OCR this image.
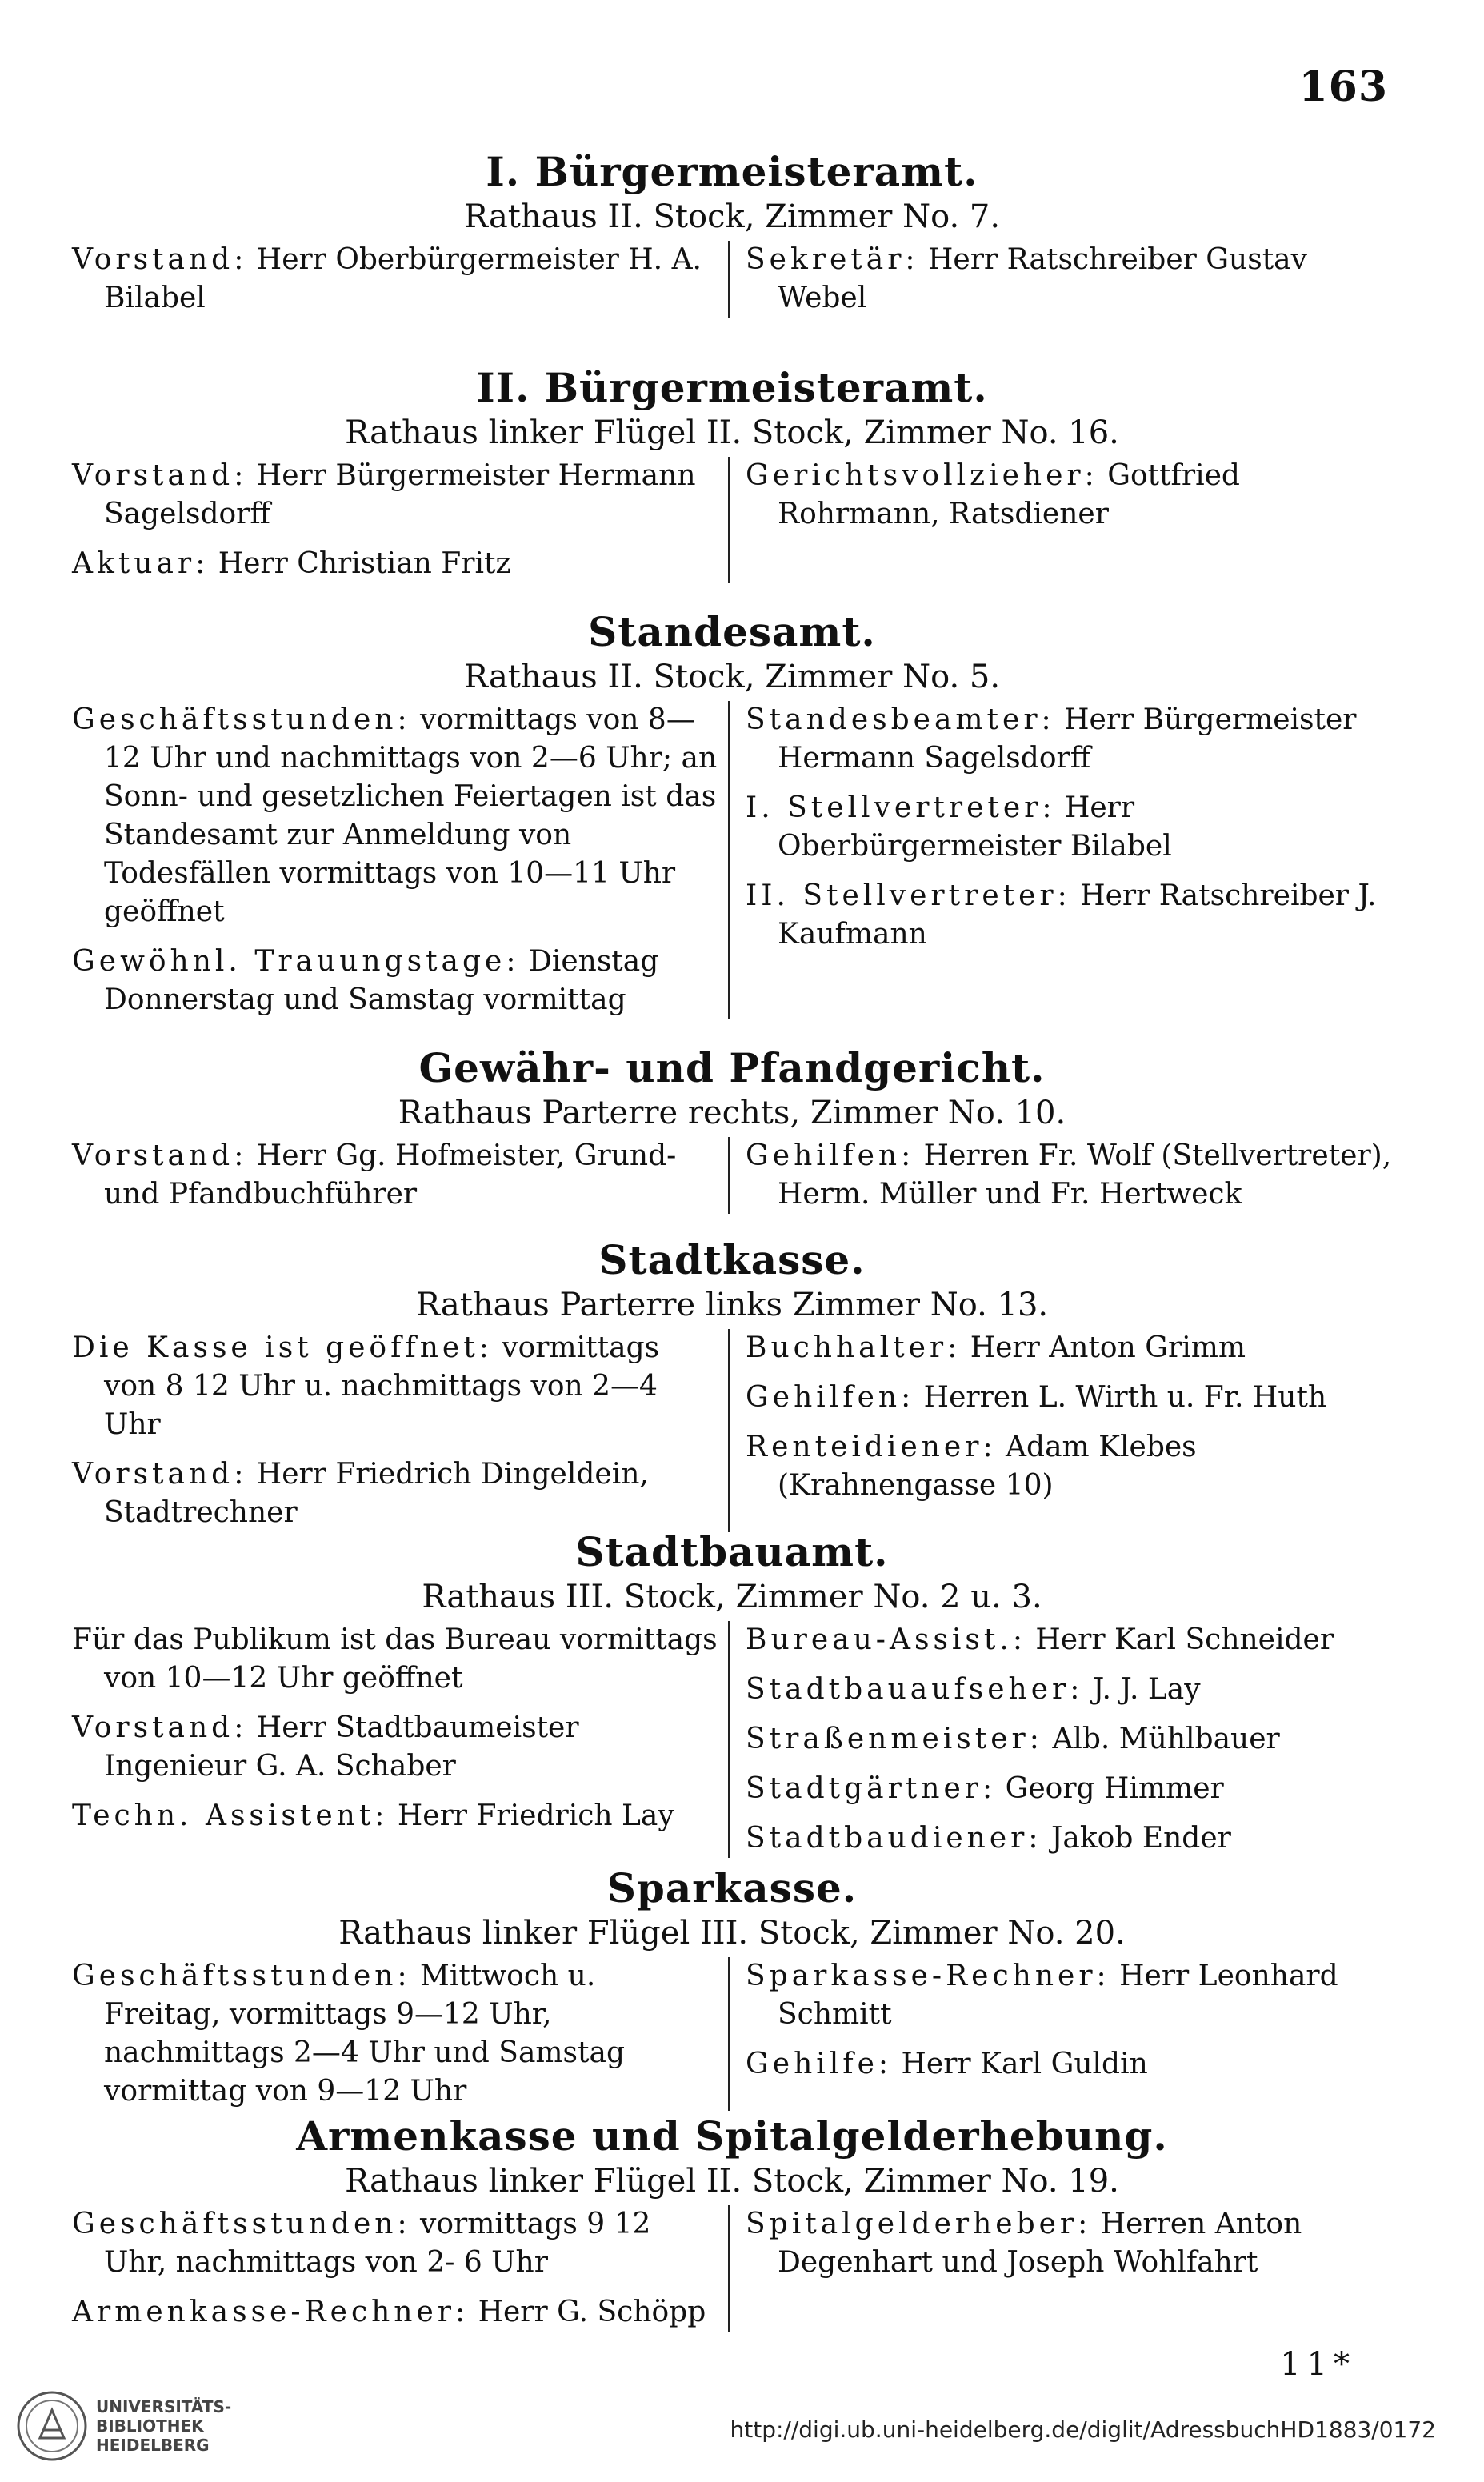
163
I. Bürgermeisteramt.
Rathaus II. Stock, Zimmer No. 7.

Vorstand: Herr Oberbürgermeister H. A. Bilabel

Sekretär: Herr Ratschreiber Gustav Webel

II. Bürgermeisteramt.
Rathaus linker Flügel II. Stock, Zimmer No. 16.

Vorstand: Herr Bürgermeister Hermann Sagelsdorff

Aktuar: Herr Christian Fritz

Gerichtsvollzieher: Gottfried Rohrmann, Ratsdiener

Standesamt.
Rathaus II. Stock, Zimmer No. 5.

Geschäftsstunden: vormittags von 8—12 Uhr und nachmittags von 2—6 Uhr; an Sonn- und gesetzlichen Feiertagen ist das Standesamt zur Anmeldung von Todesfällen vormittags von 10—11 Uhr geöffnet

Gewöhnl. Trauungstage: Dienstag Donnerstag und Samstag vormittag

Standesbeamter: Herr Bürgermeister Hermann Sagelsdorff

I. Stellvertreter: Herr Oberbürgermeister Bilabel

II. Stellvertreter: Herr Ratschreiber J. Kaufmann

Gewähr- und Pfandgericht.
Rathaus Parterre rechts, Zimmer No. 10.

Vorstand: Herr Gg. Hofmeister, Grund- und Pfandbuchführer

Gehilfen: Herren Fr. Wolf (Stellvertreter), Herm. Müller und Fr. Hertweck

Stadtkasse.
Rathaus Parterre links Zimmer No. 13.

Die Kasse ist geöffnet: vormittags von 8 12 Uhr u. nachmittags von 2—4 Uhr

Vorstand: Herr Friedrich Dingeldein, Stadtrechner

Buchhalter: Herr Anton Grimm

Gehilfen: Herren L. Wirth u. Fr. Huth

Renteidiener: Adam Klebes (Krahnengasse 10)

Stadtbauamt.
Rathaus III. Stock, Zimmer No. 2 u. 3.

Für das Publikum ist das Bureau vormittags von 10—12 Uhr geöffnet

Vorstand: Herr Stadtbaumeister Ingenieur G. A. Schaber

Techn. Assistent: Herr Friedrich Lay

Bureau-Assist.: Herr Karl Schneider

Stadtbauaufseher: J. J. Lay

Straßenmeister: Alb. Mühlbauer

Stadtgärtner: Georg Himmer

Stadtbaudiener: Jakob Ender

Sparkasse.
Rathaus linker Flügel III. Stock, Zimmer No. 20.

Geschäftsstunden: Mittwoch u. Freitag, vormittags 9—12 Uhr, nachmittags 2—4 Uhr und Samstag vormittag von 9—12 Uhr

Sparkasse-Rechner: Herr Leonhard Schmitt

Gehilfe: Herr Karl Guldin

Armenkasse und Spitalgelderhebung.
Rathaus linker Flügel II. Stock, Zimmer No. 19.

Geschäftsstunden: vormittags 9 12 Uhr, nachmittags von 2- 6 Uhr

Armenkasse-Rechner: Herr G. Schöpp

Spitalgelderheber: Herren Anton Degenhart und Joseph Wohlfahrt

11*
UNIVERSITÄTS-
BIBLIOTHEK
HEIDELBERG
http://digi.ub.uni-heidelberg.de/diglit/AdressbuchHD1883/0172
